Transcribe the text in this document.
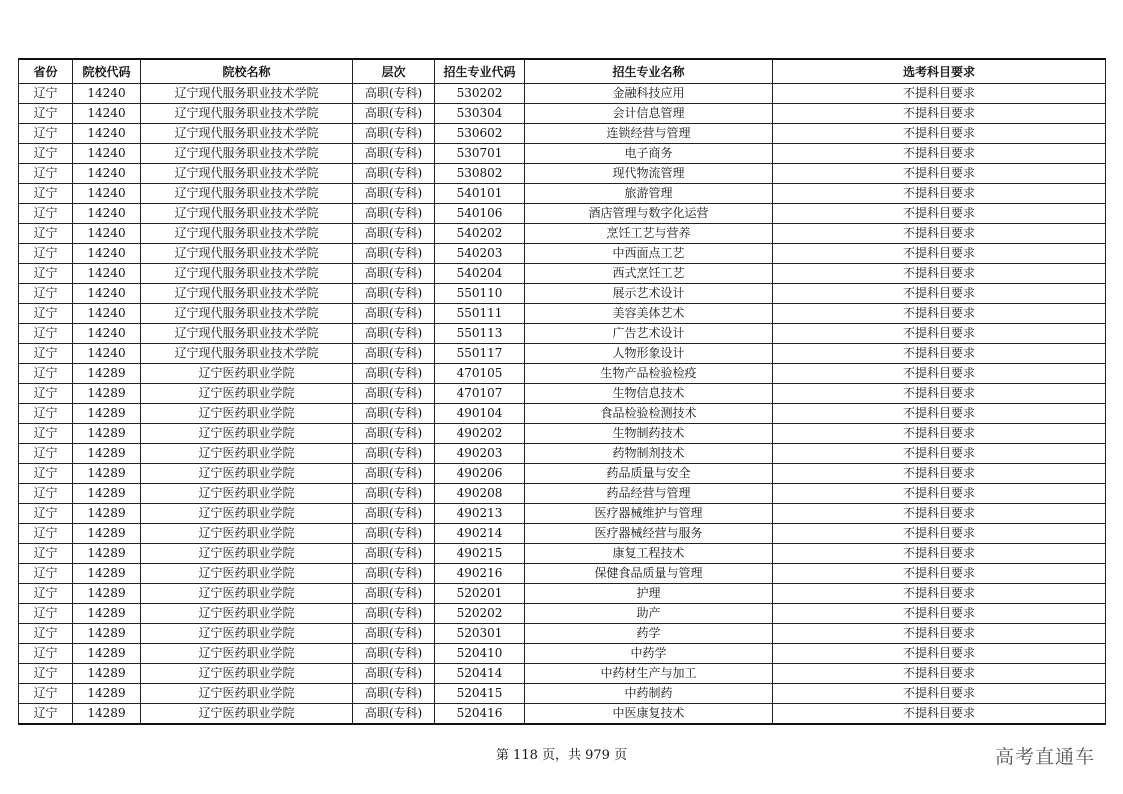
省份	院校代码	院校名称	层次	招生专业代码	招生专业名称	选考科目要求
辽宁	14240	辽宁现代服务职业技术学院	高职(专科)	530202	金融科技应用	不提科目要求
辽宁	14240	辽宁现代服务职业技术学院	高职(专科)	530304	会计信息管理	不提科目要求
辽宁	14240	辽宁现代服务职业技术学院	高职(专科)	530602	连锁经营与管理	不提科目要求
辽宁	14240	辽宁现代服务职业技术学院	高职(专科)	530701	电子商务	不提科目要求
辽宁	14240	辽宁现代服务职业技术学院	高职(专科)	530802	现代物流管理	不提科目要求
辽宁	14240	辽宁现代服务职业技术学院	高职(专科)	540101	旅游管理	不提科目要求
辽宁	14240	辽宁现代服务职业技术学院	高职(专科)	540106	酒店管理与数字化运营	不提科目要求
辽宁	14240	辽宁现代服务职业技术学院	高职(专科)	540202	烹饪工艺与营养	不提科目要求
辽宁	14240	辽宁现代服务职业技术学院	高职(专科)	540203	中西面点工艺	不提科目要求
辽宁	14240	辽宁现代服务职业技术学院	高职(专科)	540204	西式烹饪工艺	不提科目要求
辽宁	14240	辽宁现代服务职业技术学院	高职(专科)	550110	展示艺术设计	不提科目要求
辽宁	14240	辽宁现代服务职业技术学院	高职(专科)	550111	美容美体艺术	不提科目要求
辽宁	14240	辽宁现代服务职业技术学院	高职(专科)	550113	广告艺术设计	不提科目要求
辽宁	14240	辽宁现代服务职业技术学院	高职(专科)	550117	人物形象设计	不提科目要求
辽宁	14289	辽宁医药职业学院	高职(专科)	470105	生物产品检验检疫	不提科目要求
辽宁	14289	辽宁医药职业学院	高职(专科)	470107	生物信息技术	不提科目要求
辽宁	14289	辽宁医药职业学院	高职(专科)	490104	食品检验检测技术	不提科目要求
辽宁	14289	辽宁医药职业学院	高职(专科)	490202	生物制药技术	不提科目要求
辽宁	14289	辽宁医药职业学院	高职(专科)	490203	药物制剂技术	不提科目要求
辽宁	14289	辽宁医药职业学院	高职(专科)	490206	药品质量与安全	不提科目要求
辽宁	14289	辽宁医药职业学院	高职(专科)	490208	药品经营与管理	不提科目要求
辽宁	14289	辽宁医药职业学院	高职(专科)	490213	医疗器械维护与管理	不提科目要求
辽宁	14289	辽宁医药职业学院	高职(专科)	490214	医疗器械经营与服务	不提科目要求
辽宁	14289	辽宁医药职业学院	高职(专科)	490215	康复工程技术	不提科目要求
辽宁	14289	辽宁医药职业学院	高职(专科)	490216	保健食品质量与管理	不提科目要求
辽宁	14289	辽宁医药职业学院	高职(专科)	520201	护理	不提科目要求
辽宁	14289	辽宁医药职业学院	高职(专科)	520202	助产	不提科目要求
辽宁	14289	辽宁医药职业学院	高职(专科)	520301	药学	不提科目要求
辽宁	14289	辽宁医药职业学院	高职(专科)	520410	中药学	不提科目要求
辽宁	14289	辽宁医药职业学院	高职(专科)	520414	中药材生产与加工	不提科目要求
辽宁	14289	辽宁医药职业学院	高职(专科)	520415	中药制药	不提科目要求
辽宁	14289	辽宁医药职业学院	高职(专科)	520416	中医康复技术	不提科目要求
第 118 页，共 979 页	高考直通车
